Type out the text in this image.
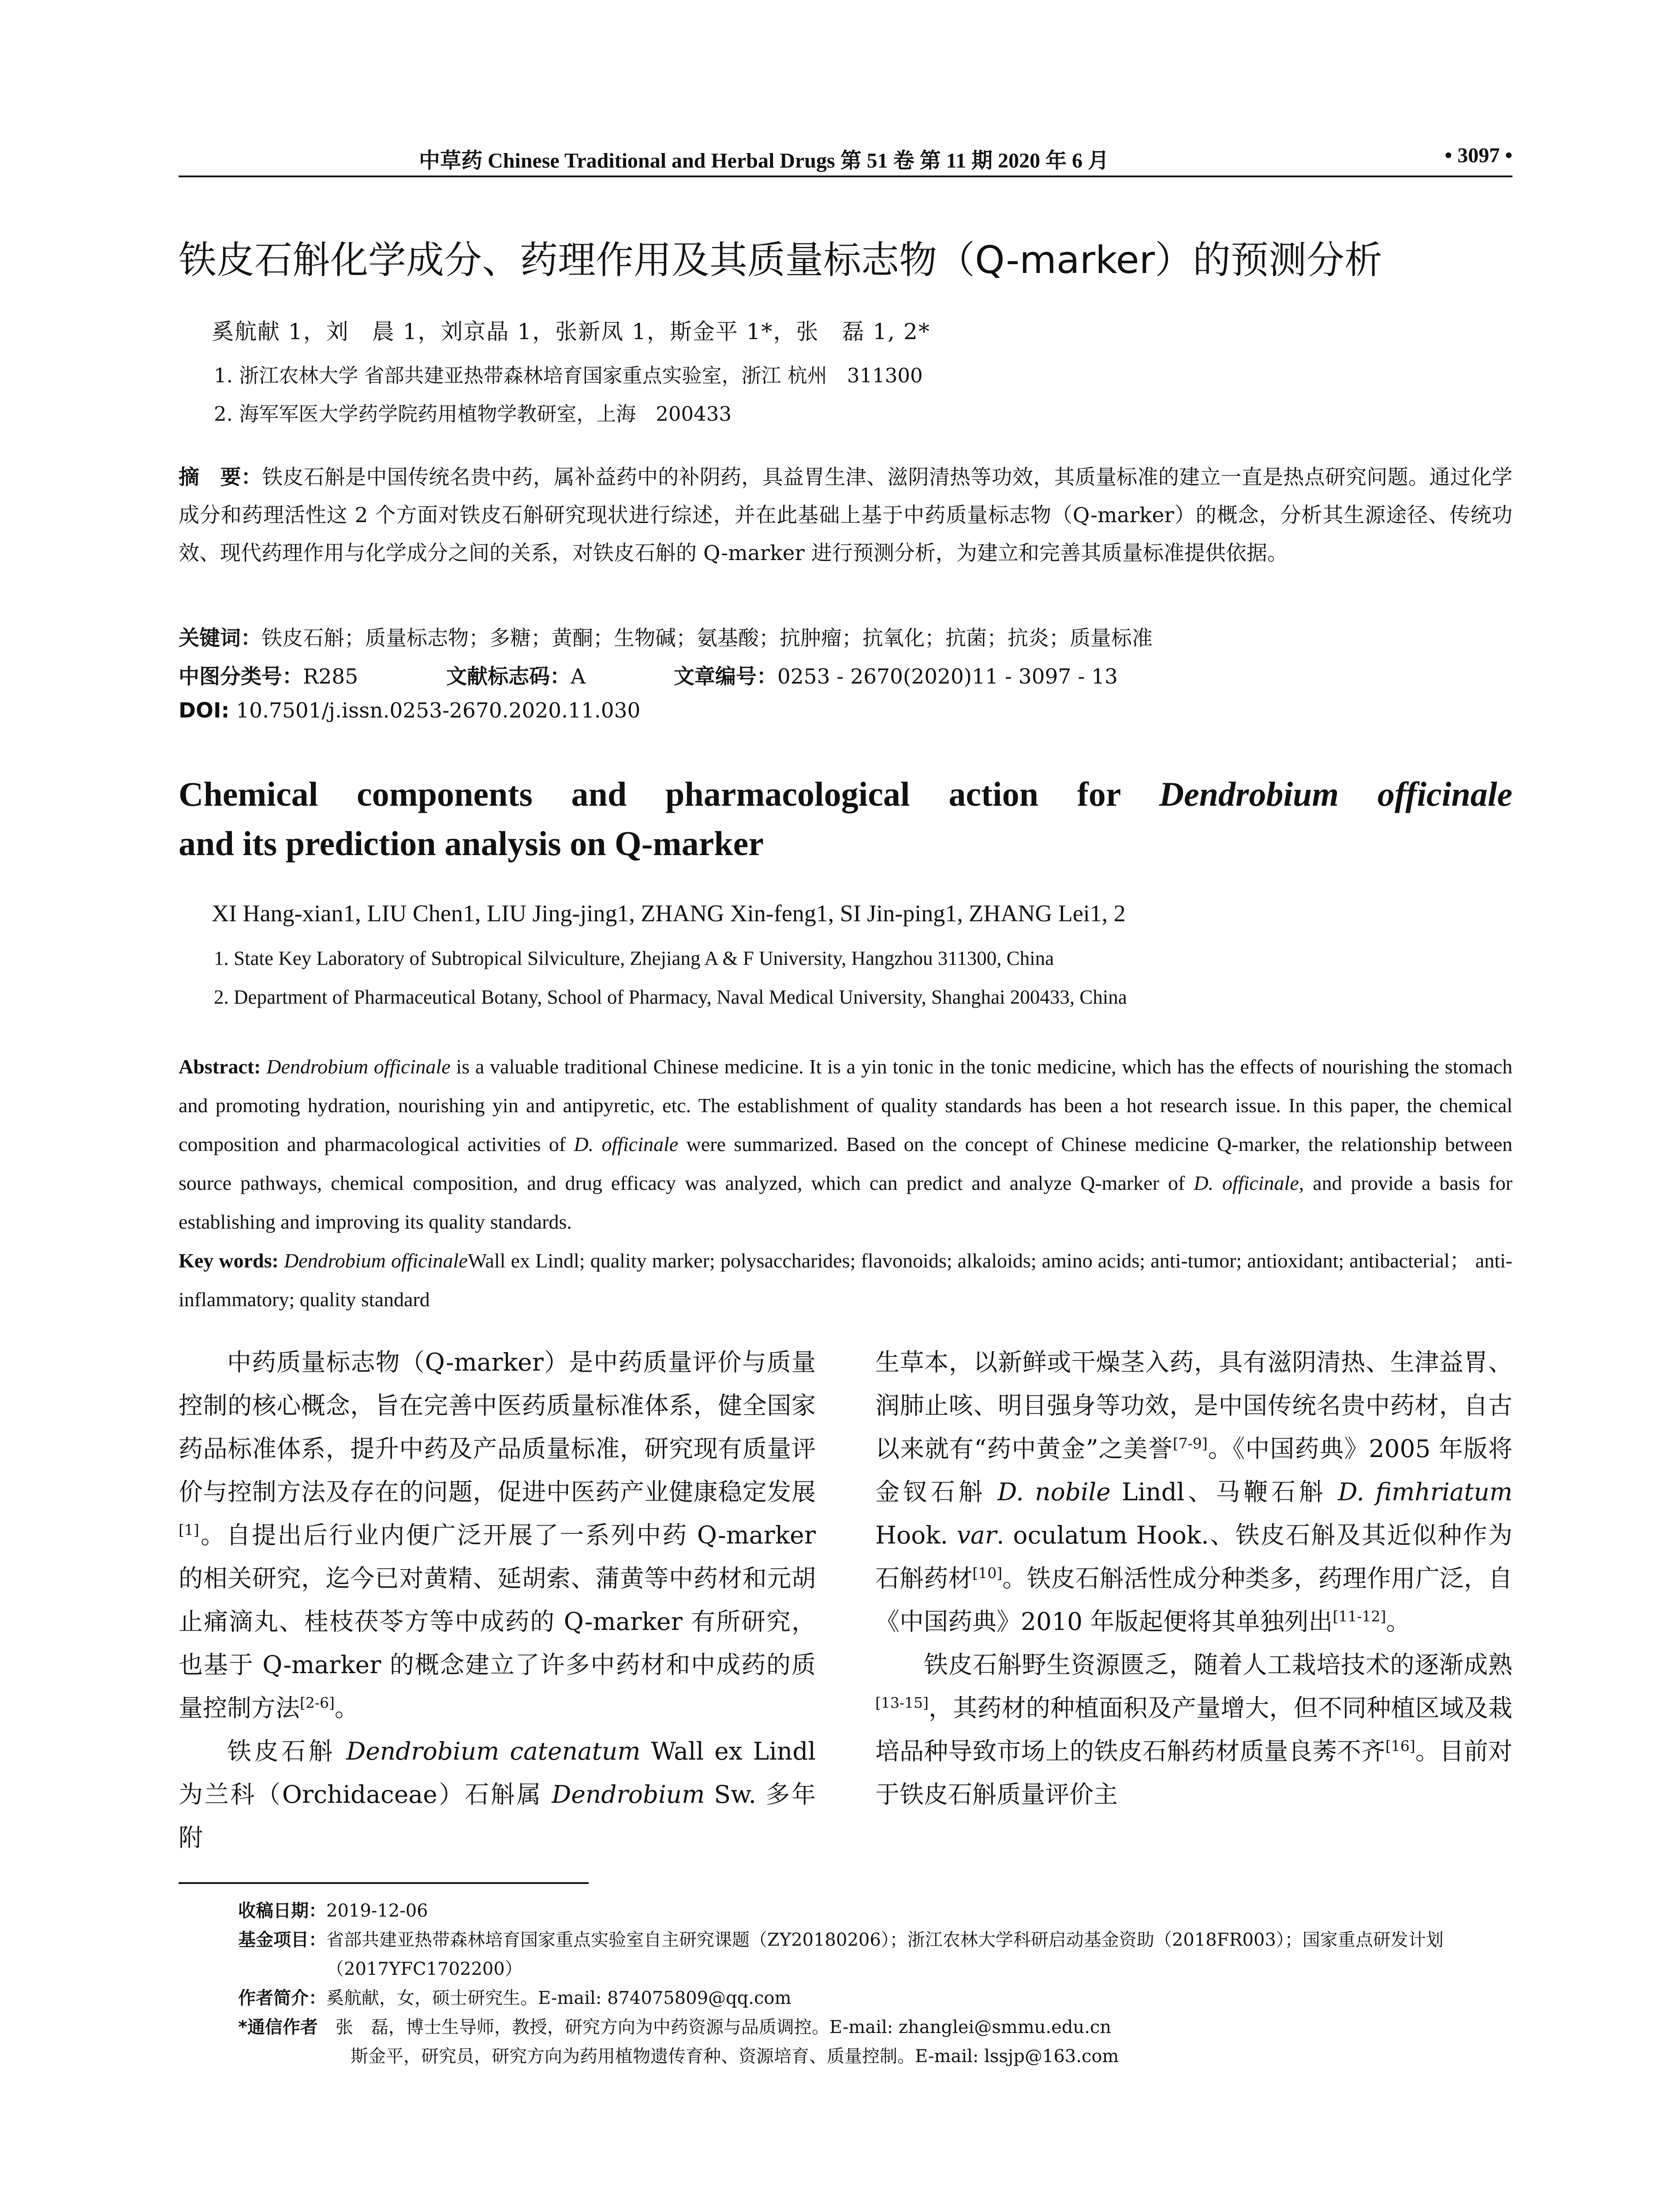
中草药 Chinese Traditional and Herbal Drugs 第 51 卷 第 11 期 2020 年 6 月	• 3097 •
铁皮石斛化学成分、药理作用及其质量标志物（Q-marker）的预测分析
奚航献 1，刘　晨 1，刘京晶 1，张新凤 1，斯金平 1*，张　磊 1, 2*
1. 浙江农林大学 省部共建亚热带森林培育国家重点实验室，浙江 杭州　311300
2. 海军军医大学药学院药用植物学教研室，上海　200433
摘　要：铁皮石斛是中国传统名贵中药，属补益药中的补阴药，具益胃生津、滋阴清热等功效，其质量标准的建立一直是热点研究问题。通过化学成分和药理活性这 2 个方面对铁皮石斛研究现状进行综述，并在此基础上基于中药质量标志物（Q-marker）的概念，分析其生源途径、传统功效、现代药理作用与化学成分之间的关系，对铁皮石斛的 Q-marker 进行预测分析，为建立和完善其质量标准提供依据。
关键词：铁皮石斛；质量标志物；多糖；黄酮；生物碱；氨基酸；抗肿瘤；抗氧化；抗菌；抗炎；质量标准
中图分类号：R285	文献标志码：A	文章编号：0253 - 2670(2020)11 - 3097 - 13
DOI: 10.7501/j.issn.0253-2670.2020.11.030
Chemical components and pharmacological action for Dendrobium officinale
and its prediction analysis on Q-marker
XI Hang-xian1, LIU Chen1, LIU Jing-jing1, ZHANG Xin-feng1, SI Jin-ping1, ZHANG Lei1, 2
1. State Key Laboratory of Subtropical Silviculture, Zhejiang A & F University, Hangzhou 311300, China
2. Department of Pharmaceutical Botany, School of Pharmacy, Naval Medical University, Shanghai 200433, China
Abstract: Dendrobium officinale is a valuable traditional Chinese medicine. It is a yin tonic in the tonic medicine, which has the effects of nourishing the stomach and promoting hydration, nourishing yin and antipyretic, etc. The establishment of quality standards has been a hot research issue. In this paper, the chemical composition and pharmacological activities of D. officinale were summarized. Based on the concept of Chinese medicine Q-marker, the relationship between source pathways, chemical composition, and drug efficacy was analyzed, which can predict and analyze Q-marker of D. officinale, and provide a basis for establishing and improving its quality standards.
Key words: Dendrobium officinaleWall ex Lindl; quality marker; polysaccharides; flavonoids; alkaloids; amino acids; anti-tumor; antioxidant; antibacterial； anti-inflammatory; quality standard

中药质量标志物（Q-marker）是中药质量评价与质量控制的核心概念，旨在完善中医药质量标准体系，健全国家药品标准体系，提升中药及产品质量标准，研究现有质量评价与控制方法及存在的问题，促进中医药产业健康稳定发展[1]。自提出后行业内便广泛开展了一系列中药 Q-marker 的相关研究，迄今已对黄精、延胡索、蒲黄等中药材和元胡止痛滴丸、桂枝茯苓方等中成药的 Q-marker 有所研究，也基于 Q-marker 的概念建立了许多中药材和中成药的质量控制方法[2-6]。

铁皮石斛 Dendrobium catenatum Wall ex Lindl 为兰科（Orchidaceae）石斛属 Dendrobium Sw. 多年附

生草本，以新鲜或干燥茎入药，具有滋阴清热、生津益胃、润肺止咳、明目强身等功效，是中国传统名贵中药材，自古以来就有“药中黄金”之美誉[7-9]。《中国药典》2005 年版将金钗石斛 D. nobile Lindl、马鞭石斛 D. fimhriatum Hook. var. oculatum Hook.、铁皮石斛及其近似种作为石斛药材[10]。铁皮石斛活性成分种类多，药理作用广泛，自《中国药典》2010 年版起便将其单独列出[11-12]。

铁皮石斛野生资源匮乏，随着人工栽培技术的逐渐成熟[13-15]，其药材的种植面积及产量增大，但不同种植区域及栽培品种导致市场上的铁皮石斛药材质量良莠不齐[16]。目前对于铁皮石斛质量评价主

收稿日期：2019-12-06
基金项目：省部共建亚热带森林培育国家重点实验室自主研究课题（ZY20180206）；浙江农林大学科研启动基金资助（2018FR003）；国家重点研发计划（2017YFC1702200）
作者简介：奚航献，女，硕士研究生。E-mail: 874075809@qq.com
*通信作者　 张　磊，博士生导师，教授，研究方向为中药资源与品质调控。E-mail: zhanglei@smmu.edu.cn
斯金平，研究员，研究方向为药用植物遗传育种、资源培育、质量控制。E-mail: lssjp@163.com
